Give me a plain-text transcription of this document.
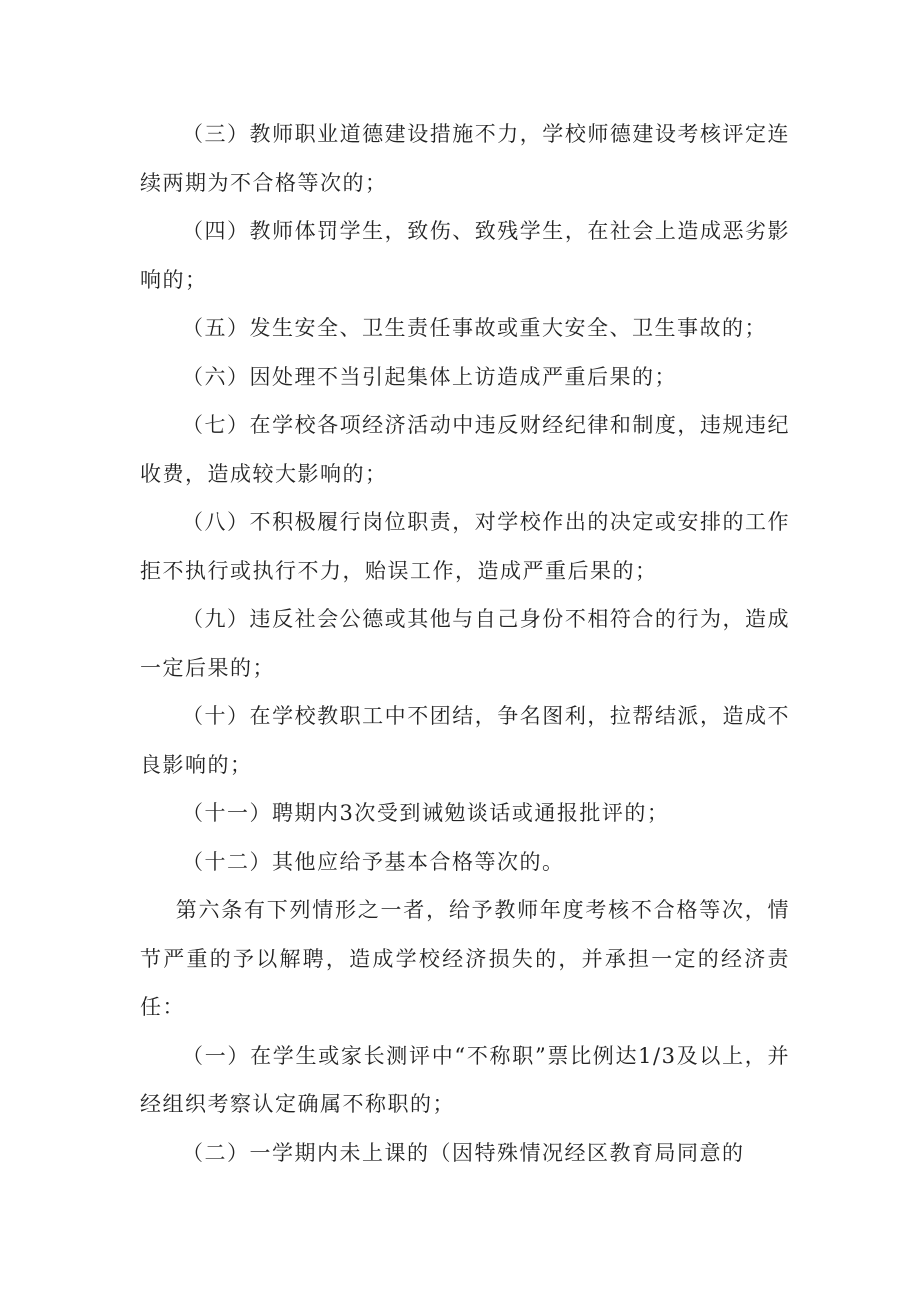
（三）教师职业道德建设措施不力，学校师德建设考核评定连续两期为不合格等次的；

（四）教师体罚学生，致伤、致残学生，在社会上造成恶劣影响的；

（五）发生安全、卫生责任事故或重大安全、卫生事故的；

（六）因处理不当引起集体上访造成严重后果的；

（七）在学校各项经济活动中违反财经纪律和制度，违规违纪收费，造成较大影响的；

（八）不积极履行岗位职责，对学校作出的决定或安排的工作拒不执行或执行不力，贻误工作，造成严重后果的；

（九）违反社会公德或其他与自己身份不相符合的行为，造成一定后果的；

（十）在学校教职工中不团结，争名图利，拉帮结派，造成不良影响的；

（十一）聘期内3次受到诫勉谈话或通报批评的；

（十二）其他应给予基本合格等次的。

第六条有下列情形之一者，给予教师年度考核不合格等次，情节严重的予以解聘，造成学校经济损失的，并承担一定的经济责任：

（一）在学生或家长测评中“不称职”票比例达1/3及以上，并经组织考察认定确属不称职的；

（二）一学期内未上课的（因特殊情况经区教育局同意的
